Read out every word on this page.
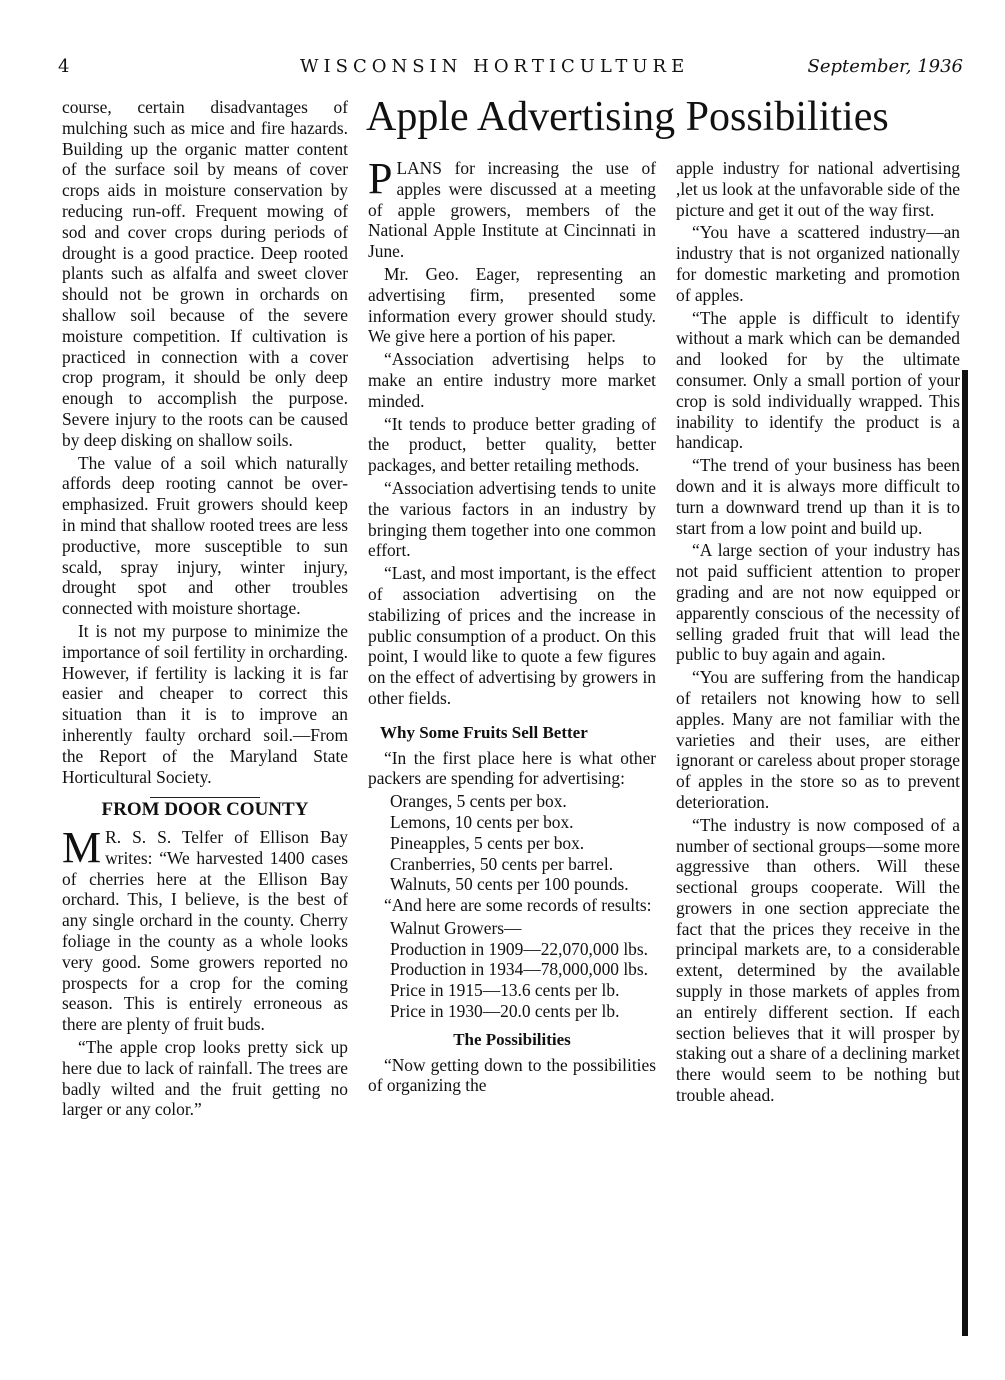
4	WISCONSIN HORTICULTURE	September, 1936

course, certain disadvantages of mulching such as mice and fire hazards. Building up the organic matter content of the surface soil by means of cover crops aids in moisture conservation by reducing run-off. Frequent mowing of sod and cover crops during periods of drought is a good practice. Deep rooted plants such as alfalfa and sweet clover should not be grown in orchards on shallow soil because of the severe moisture competition. If cultivation is practiced in connection with a cover crop program, it should be only deep enough to accomplish the purpose. Severe injury to the roots can be caused by deep disking on shallow soils.

The value of a soil which naturally affords deep rooting cannot be over-emphasized. Fruit growers should keep in mind that shallow rooted trees are less productive, more susceptible to sun scald, spray injury, winter injury, drought spot and other troubles connected with moisture shortage.

It is not my purpose to minimize the importance of soil fertility in orcharding. However, if fertility is lacking it is far easier and cheaper to correct this situation than it is to improve an inherently faulty orchard soil.—From the Report of the Maryland State Horticultural Society.

FROM DOOR COUNTY

M R. S. S. Telfer of Ellison Bay writes: “We harvested 1400 cases of cherries here at the Ellison Bay orchard. This, I believe, is the best of any single orchard in the county. Cherry foliage in the county as a whole looks very good. Some growers reported no prospects for a crop for the coming season. This is entirely erroneous as there are plenty of fruit buds.

“The apple crop looks pretty sick up here due to lack of rainfall. The trees are badly wilted and the fruit getting no larger or any color.”

Apple Advertising Possibilities

PLANS for increasing the use of apples were discussed at a meeting of apple growers, members of the National Apple Institute at Cincinnati in June.

Mr. Geo. Eager, representing an advertising firm, presented some information every grower should study. We give here a portion of his paper.

“Association advertising helps to make an entire industry more market minded.

“It tends to produce better grading of the product, better quality, better packages, and better retailing methods.

“Association advertising tends to unite the various factors in an industry by bringing them together into one common effort.

“Last, and most important, is the effect of association advertising on the stabilizing of prices and the increase in public consumption of a product. On this point, I would like to quote a few figures on the effect of advertising by growers in other fields.

Why Some Fruits Sell Better

“In the first place here is what other packers are spending for advertising:

Oranges, 5 cents per box.

Lemons, 10 cents per box.

Pineapples, 5 cents per box.

Cranberries, 50 cents per barrel.

Walnuts, 50 cents per 100 pounds.

“And here are some records of results:

Walnut Growers—

Production in 1909—22,070,000 lbs.

Production in 1934—78,000,000 lbs.

Price in 1915—13.6 cents per lb.

Price in 1930—20.0 cents per lb.

The Possibilities

“Now getting down to the possibilities of organizing the

apple industry for national advertising ,let us look at the unfavorable side of the picture and get it out of the way first.

“You have a scattered industry—an industry that is not organized nationally for domestic marketing and promotion of apples.

“The apple is difficult to identify without a mark which can be demanded and looked for by the ultimate consumer. Only a small portion of your crop is sold individually wrapped. This inability to identify the product is a handicap.

“The trend of your business has been down and it is always more difficult to turn a downward trend up than it is to start from a low point and build up.

“A large section of your industry has not paid sufficient attention to proper grading and are not now equipped or apparently conscious of the necessity of selling graded fruit that will lead the public to buy again and again.

“You are suffering from the handicap of retailers not knowing how to sell apples. Many are not familiar with the varieties and their uses, are either ignorant or careless about proper storage of apples in the store so as to prevent deterioration.

“The industry is now composed of a number of sectional groups—some more aggressive than others. Will these sectional groups cooperate. Will the growers in one section appreciate the fact that the prices they receive in the principal markets are, to a considerable extent, determined by the available supply in those markets of apples from an entirely different section. If each section believes that it will prosper by staking out a share of a declining market there would seem to be nothing but trouble ahead.
